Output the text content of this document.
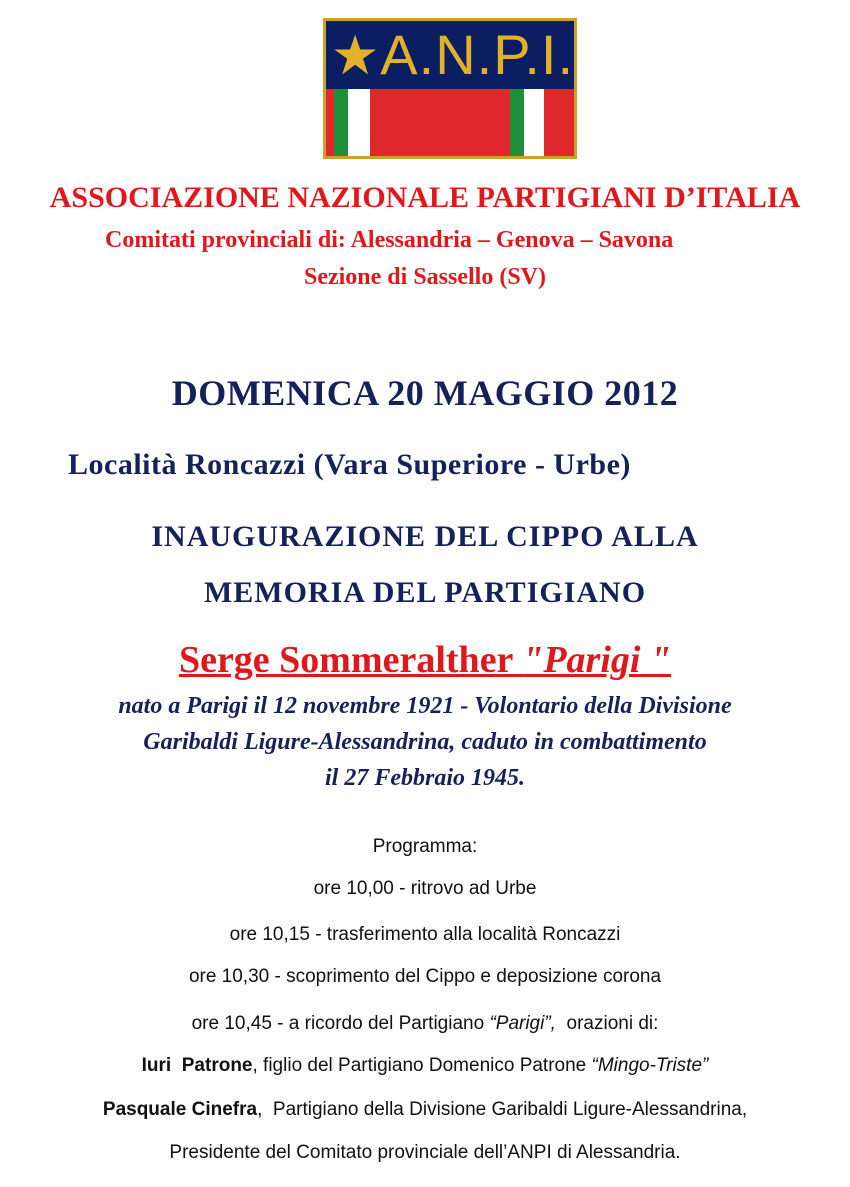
A.N.P.I.
ASSOCIAZIONE NAZIONALE PARTIGIANI D’ITALIA
Comitati provinciali di: Alessandria – Genova – Savona
Sezione di Sassello (SV)
DOMENICA 20 MAGGIO 2012
Località Roncazzi (Vara Superiore - Urbe)
INAUGURAZIONE DEL CIPPO ALLA
MEMORIA DEL PARTIGIANO
Serge Sommeralther "Parigi "
nato a Parigi il 12 novembre 1921 - Volontario della Divisione
Garibaldi Ligure-Alessandrina, caduto in combattimento
il 27 Febbraio 1945.
Programma:
ore 10,00 - ritrovo ad Urbe
ore 10,15 - trasferimento alla località Roncazzi
ore 10,30 - scoprimento del Cippo e deposizione corona
ore 10,45 - a ricordo del Partigiano “Parigi”,  orazioni di:
Iuri  Patrone, figlio del Partigiano Domenico Patrone “Mingo-Triste”
Pasquale Cinefra,  Partigiano della Divisione Garibaldi Ligure-Alessandrina,
Presidente del Comitato provinciale dell’ANPI di Alessandria.
